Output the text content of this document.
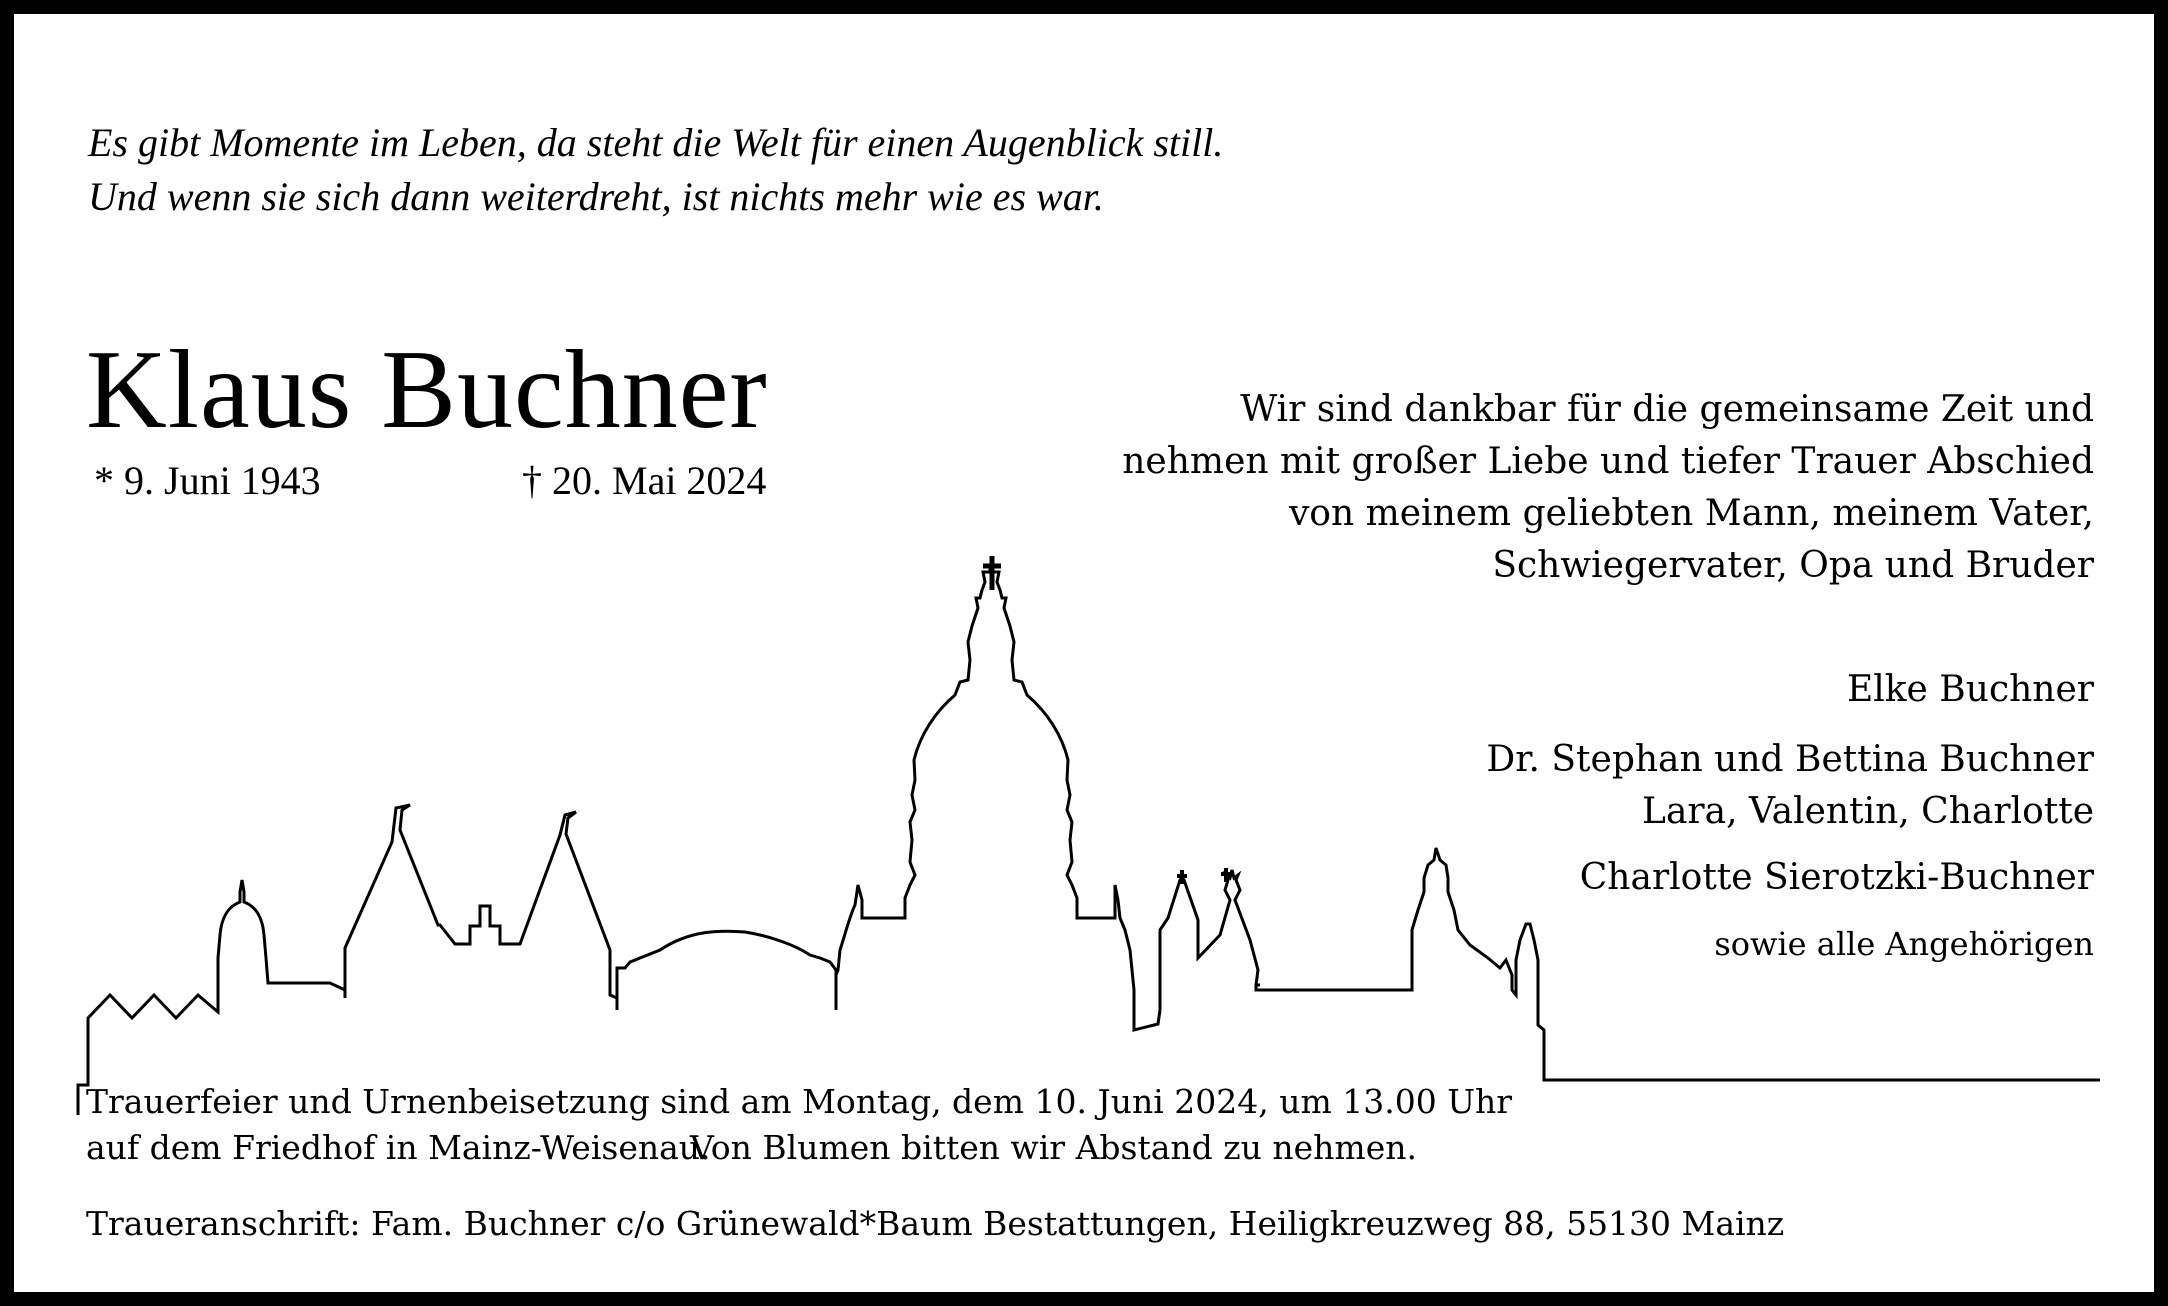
Es gibt Momente im Leben, da steht die Welt für einen Augenblick still.
Und wenn sie sich dann weiterdreht, ist nichts mehr wie es war.
Klaus Buchner
* 9. Juni 1943	† 20. Mai 2024
Wir sind dankbar für die gemeinsame Zeit und
nehmen mit großer Liebe und tiefer Trauer Abschied
von meinem geliebten Mann, meinem Vater,
Schwiegervater, Opa und Bruder
Elke Buchner
Dr. Stephan und Bettina Buchner
Lara, Valentin, Charlotte
Charlotte Sierotzki-Buchner
sowie alle Angehörigen
Trauerfeier und Urnenbeisetzung sind am Montag, dem 10. Juni 2024, um 13.00 Uhr
auf dem Friedhof in Mainz-Weisenau.
Von Blumen bitten wir Abstand zu nehmen.
Traueranschrift: Fam. Buchner c/o Grünewald*Baum Bestattungen, Heiligkreuzweg 88, 55130 Mainz
